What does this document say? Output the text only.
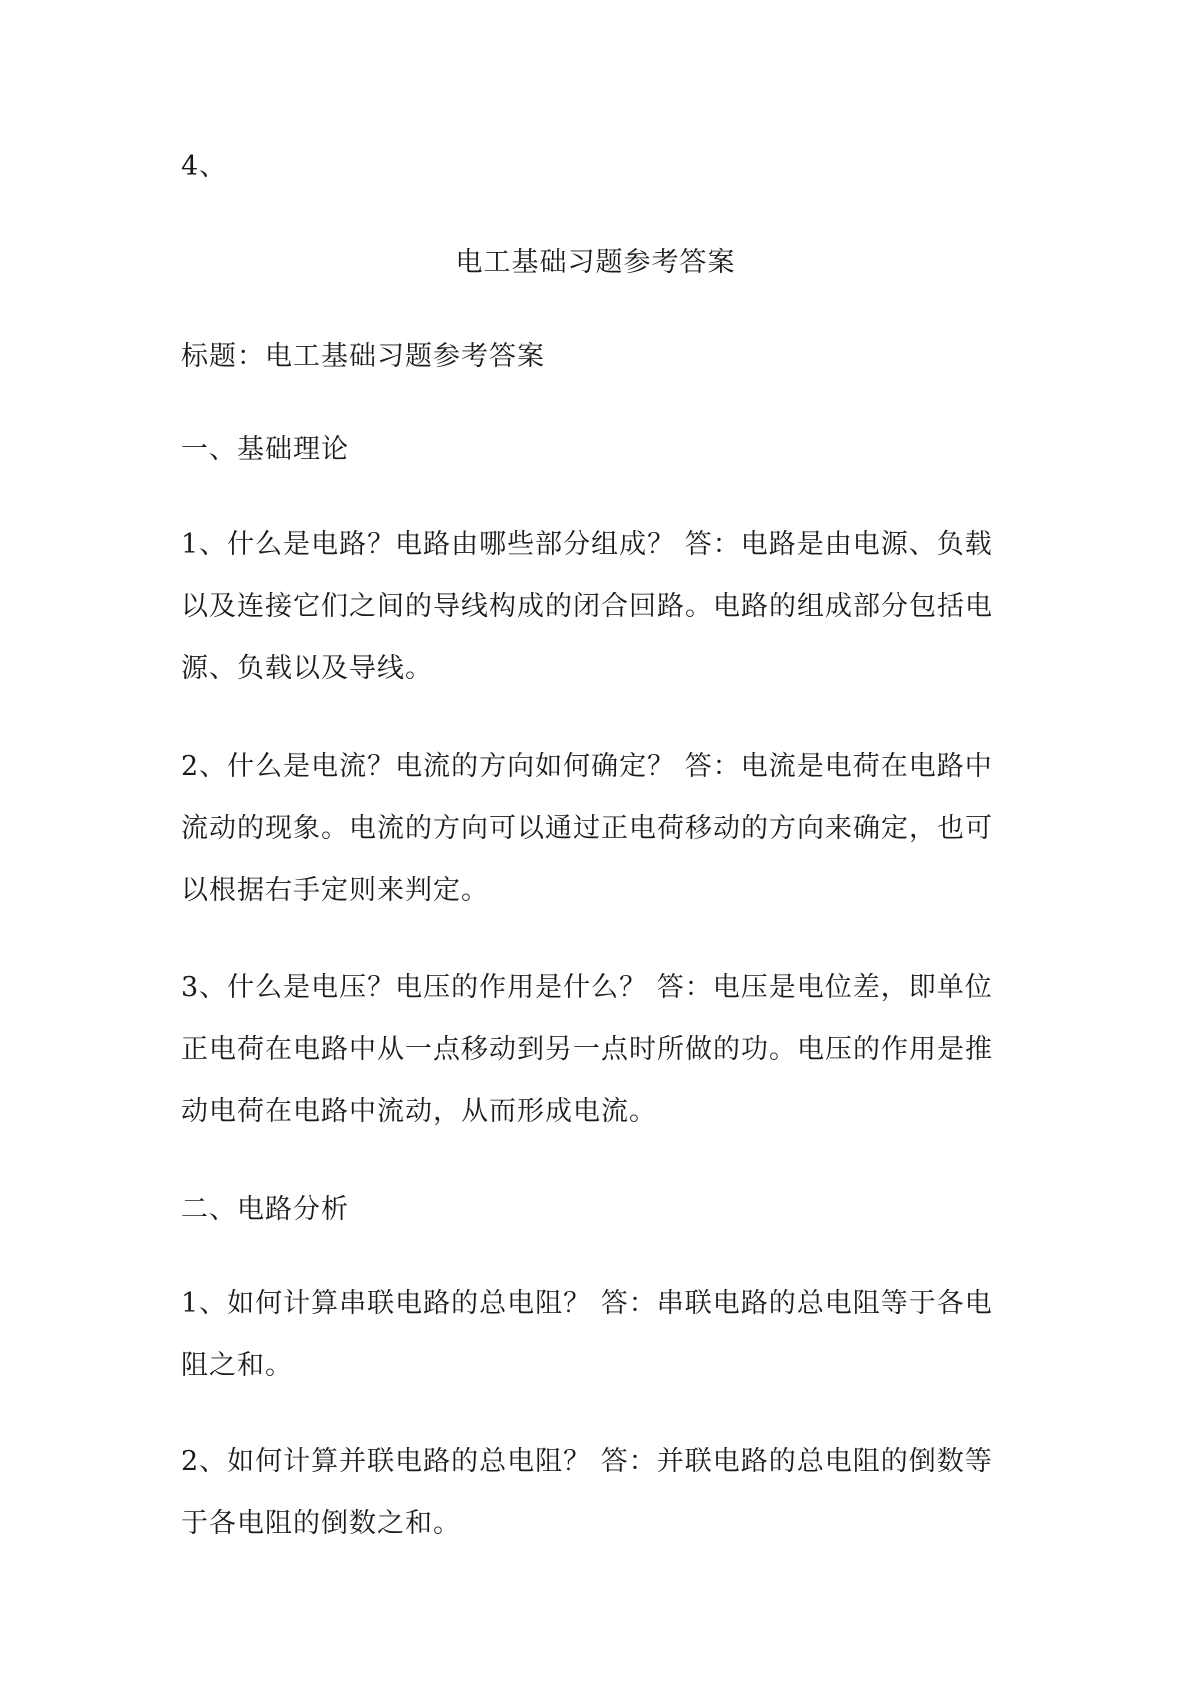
4、
电工基础习题参考答案
标题：电工基础习题参考答案
一、基础理论
1、什么是电路？电路由哪些部分组成？ 答：电路是由电源、负载以及连接它们之间的导线构成的闭合回路。电路的组成部分包括电源、负载以及导线。
2、什么是电流？电流的方向如何确定？ 答：电流是电荷在电路中流动的现象。电流的方向可以通过正电荷移动的方向来确定，也可以根据右手定则来判定。
3、什么是电压？电压的作用是什么？ 答：电压是电位差，即单位正电荷在电路中从一点移动到另一点时所做的功。电压的作用是推动电荷在电路中流动，从而形成电流。
二、电路分析
1、如何计算串联电路的总电阻？ 答：串联电路的总电阻等于各电阻之和。
2、如何计算并联电路的总电阻？ 答：并联电路的总电阻的倒数等于各电阻的倒数之和。
